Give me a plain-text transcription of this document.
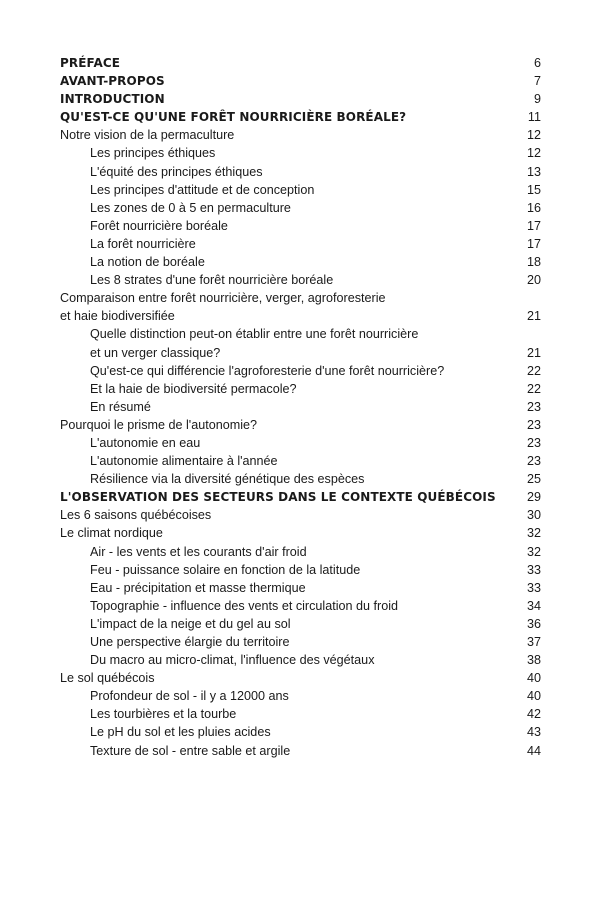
PRÉFACE	6
AVANT-PROPOS	7
INTRODUCTION	9
QU'EST-CE QU'UNE FORÊT NOURRICIÈRE BORÉALE?	11
Notre vision de la permaculture	12
Les principes éthiques	12
L'équité des principes éthiques	13
Les principes d'attitude et de conception	15
Les zones de 0 à 5 en permaculture	16
Forêt nourricière boréale	17
La forêt nourricière	17
La notion de boréale	18
Les 8 strates d'une forêt nourricière boréale	20
Comparaison entre forêt nourricière, verger, agroforesterie
et haie biodiversifiée	21
Quelle distinction peut-on établir entre une forêt nourricière
et un verger classique?	21
Qu'est-ce qui différencie l'agroforesterie d'une forêt nourricière?	22
Et la haie de biodiversité permacole?	22
En résumé	23
Pourquoi le prisme de l'autonomie?	23
L'autonomie en eau	23
L'autonomie alimentaire à l'année	23
Résilience via la diversité génétique des espèces	25
L'OBSERVATION DES SECTEURS DANS LE CONTEXTE QUÉBÉCOIS 29
Les 6 saisons québécoises	30
Le climat nordique	32
Air - les vents et les courants d'air froid	32
Feu - puissance solaire en fonction de la latitude	33
Eau - précipitation et masse thermique	33
Topographie - influence des vents et circulation du froid	34
L'impact de la neige et du gel au sol	36
Une perspective élargie du territoire	37
Du macro au micro-climat, l'influence des végétaux	38
Le sol québécois	40
Profondeur de sol - il y a 12000 ans	40
Les tourbières et la tourbe	42
Le pH du sol et les pluies acides	43
Texture de sol - entre sable et argile	44
